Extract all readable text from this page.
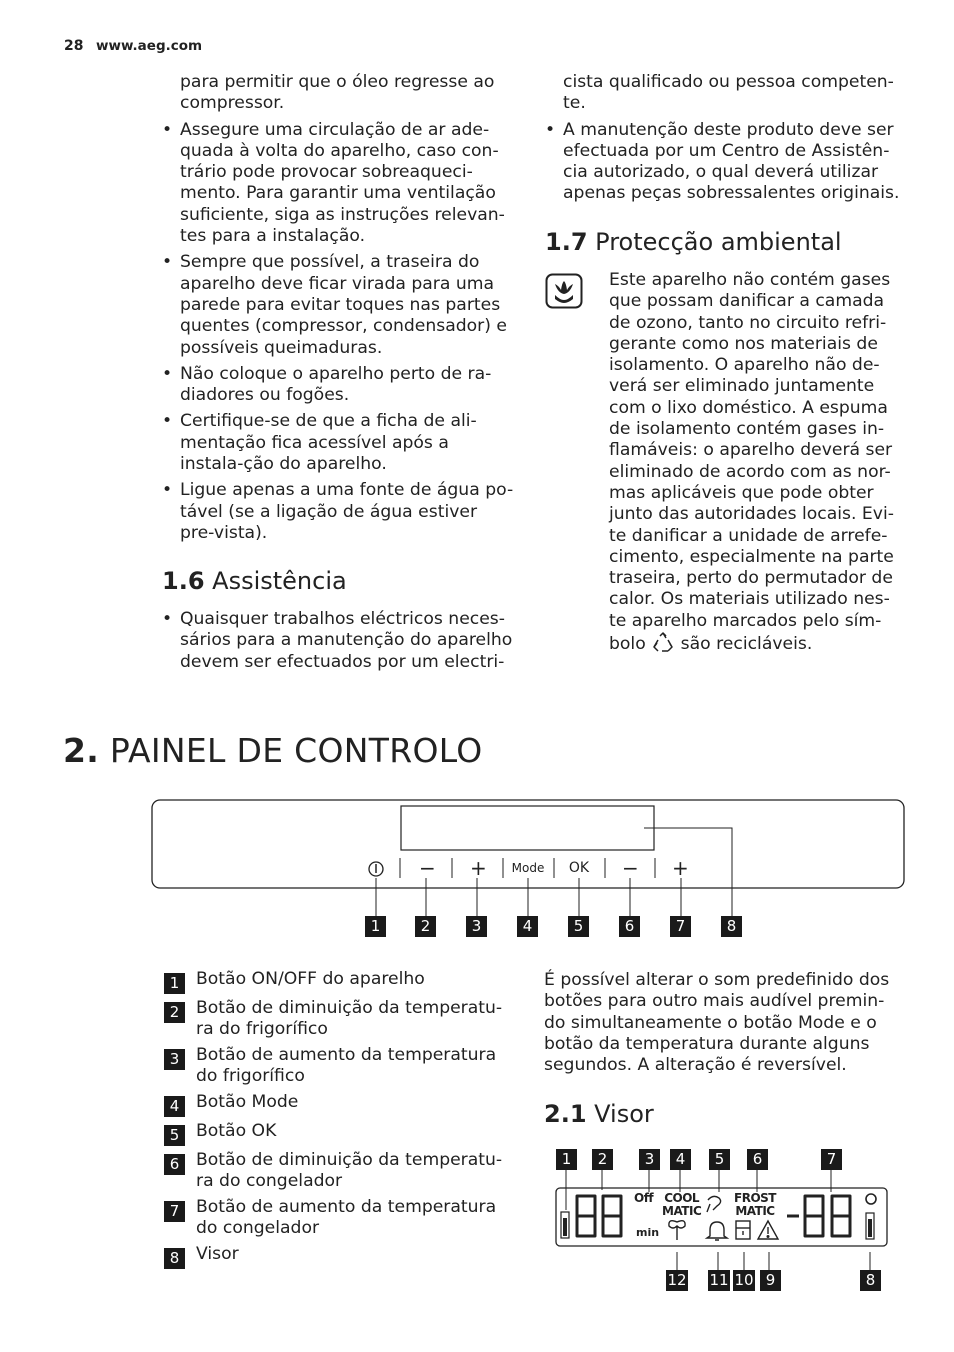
28 www.aeg.com

para permitir que o óleo regresse ao compressor.

• Assegure uma circulação de ar ade-quada à volta do aparelho, caso con-trário pode provocar sobreaqueci-mento. Para garantir uma ventilação suficiente, siga as instruções relevan-tes para a instalação.
• Sempre que possível, a traseira do aparelho deve ficar virada para uma parede para evitar toques nas partes quentes (compressor, condensador) e possíveis queimaduras.
• Não coloque o aparelho perto de ra-diadores ou fogões.
• Certifique-se de que a ficha de ali-mentação fica acessível após a instala-ção do aparelho.
• Ligue apenas a uma fonte de água po-tável (se a ligação de água estiver pre-vista).
1.6 Assistência
• Quaisquer trabalhos eléctricos neces-sários para a manutenção do aparelho devem ser efectuados por um electri-

cista qualificado ou pessoa competen-te.

• A manutenção deste produto deve ser efectuada por um Centro de Assistên-cia autorizado, o qual deverá utilizar apenas peças sobressalentes originais.
1.7 Protecção ambiental
Este aparelho não contém gases que possam danificar a camada de ozono, tanto no circuito refri-gerante como nos materiais de isolamento. O aparelho não de-verá ser eliminado juntamente com o lixo doméstico. A espuma de isolamento contém gases in-flamáveis: o aparelho deverá ser eliminado de acordo com as nor-mas aplicáveis que pode obter junto das autoridades locais. Evi-te danificar a unidade de arrefe-cimento, especialmente na parte traseira, perto do permutador de calor. Os materiais utilizado nes-te aparelho marcados pelo sím- bolo são recicláveis.
2. PAINEL DE CONTROLO
− +	Mode	OK	− +
1	2	3	4	5	6	7	8
1 Botão ON/OFF do aparelho
2 Botão de diminuição da temperatu-ra do frigorífico
3 Botão de aumento da temperatura do frigorífico
4 Botão Mode
5 Botão OK
6 Botão de diminuição da temperatu-ra do congelador
7 Botão de aumento da temperatura do congelador
8 Visor

É possível alterar o som predefinido dos botões para outro mais audível premin-do simultaneamente o botão Mode e o botão da temperatura durante alguns segundos. A alteração é reversível.

2.1 Visor
Off COOL
MATIC
FROST
MATIC
min
1	2	3	4	5	6	7
12 11 10 9	8
